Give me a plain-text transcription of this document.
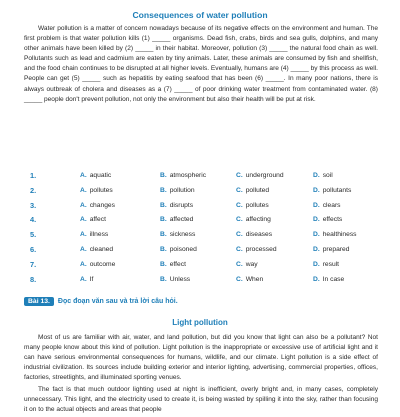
Consequences of water pollution

Water pollution is a matter of concern nowadays because of its negative effects on the environment and human. The first problem is that water pollution kills (1) _____ organisms. Dead fish, crabs, birds and sea gulls, dolphins, and many other animals have been killed by (2) _____ in their habitat. Moreover, pollution (3) _____ the natural food chain as well. Pollutants such as lead and cadmium are eaten by tiny animals. Later, these animals are consumed by fish and shellfish, and the food chain continues to be disrupted at all higher levels. Eventually, humans are (4) _____ by this process as well. People can get (5) _____ such as hepatitis by eating seafood that has been (6) _____. In many poor nations, there is always outbreak of cholera and diseases as a (7) _____ of poor drinking water treatment from contaminated water. (8) _____ people don't prevent pollution, not only the environment but also their health will be put at risk.

1.	A. aquatic	B. atmospheric	C. underground	D. soil
2.	A. pollutes	B. pollution	C. polluted	D. pollutants
3.	A. changes	B. disrupts	C. pollutes	D. clears
4.	A. affect	B. affected	C. affecting	D. effects
5.	A. illness	B. sickness	C. diseases	D. healthiness
6.	A. cleaned	B. poisoned	C. processed	D. prepared
7.	A. outcome	B. effect	C. way	D. result
8.	A. If	B. Unless	C. When	D. In case
Bài 13. Đọc đoạn văn sau và trả lời câu hỏi.
Light pollution

Most of us are familiar with air, water, and land pollution, but did you know that light can also be a pollutant? Not many people know about this kind of pollution. Light pollution is the inappropriate or excessive use of artificial light and it can have serious environmental consequences for humans, wildlife, and our climate. Light pollution is a side effect of industrial civilization. Its sources include building exterior and interior lighting, advertising, commercial properties, offices, factories, streetlights, and illuminated sporting venues.

The fact is that much outdoor lighting used at night is inefficient, overly bright and, in many cases, completely unnecessary. This light, and the electricity used to create it, is being wasted by spilling it into the sky, rather than focusing it on to the actual objects and areas that people
